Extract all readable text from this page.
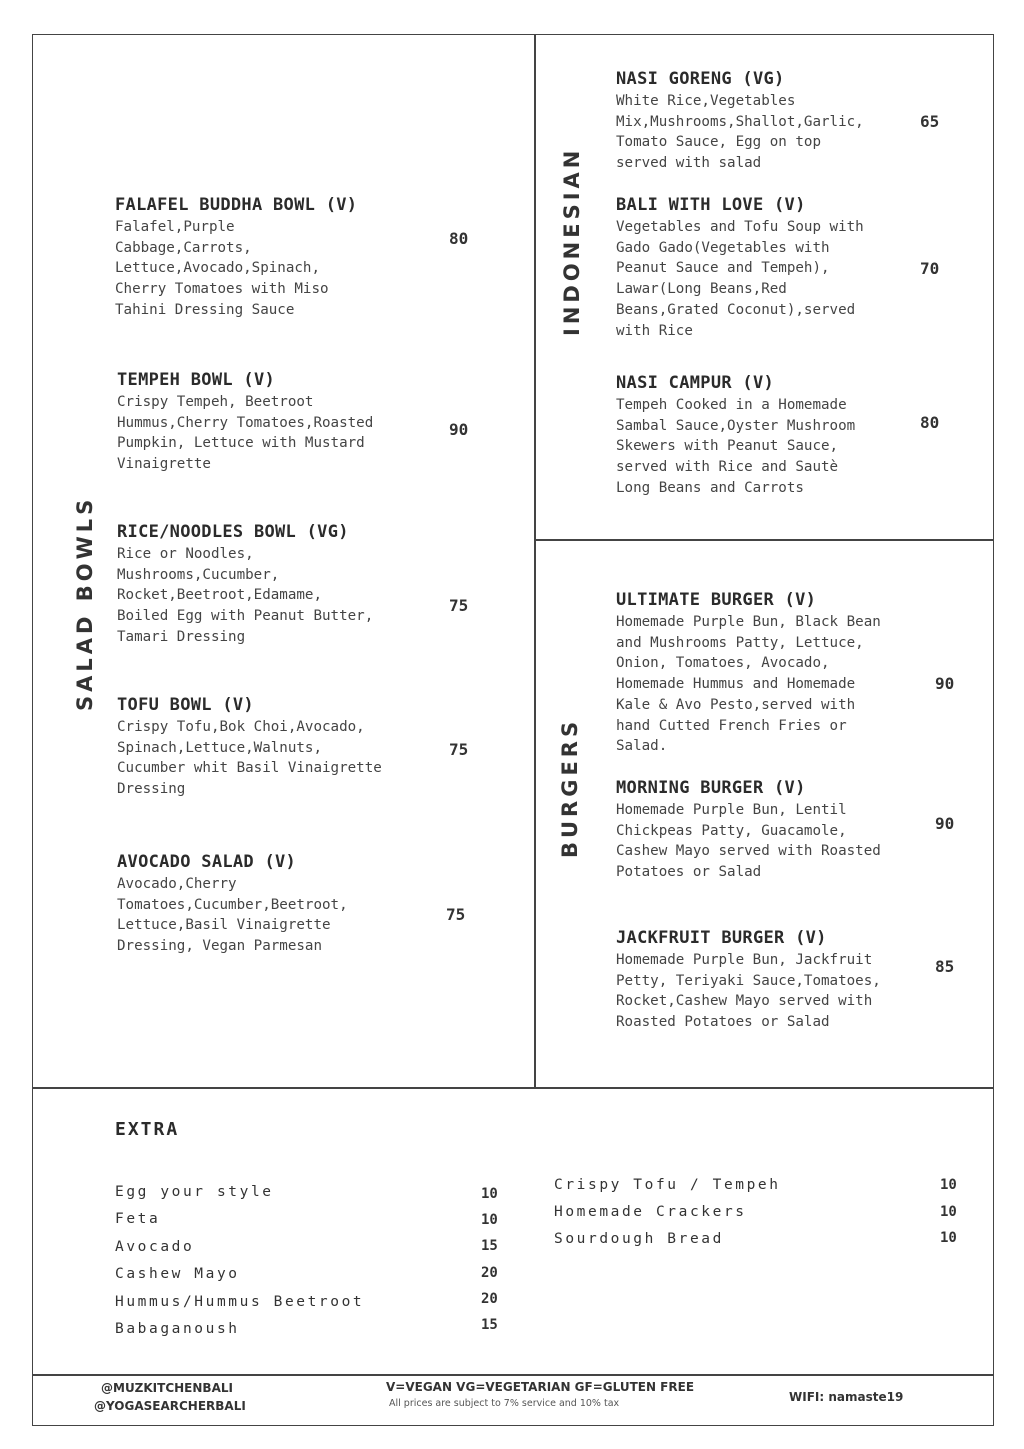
SALAD BOWLS
INDONESIAN
BURGERS
FALAFEL BUDDHA BOWL (V)
Falafel,Purple
Cabbage,Carrots,
Lettuce,Avocado,Spinach,
Cherry Tomatoes with Miso
Tahini Dressing Sauce
80
TEMPEH BOWL (V)
Crispy Tempeh, Beetroot
Hummus,Cherry Tomatoes,Roasted
Pumpkin, Lettuce with Mustard
Vinaigrette
90
RICE/NOODLES BOWL (VG)
Rice or Noodles,
Mushrooms,Cucumber,
Rocket,Beetroot,Edamame,
Boiled Egg with Peanut Butter,
Tamari Dressing
75
TOFU BOWL (V)
Crispy Tofu,Bok Choi,Avocado,
Spinach,Lettuce,Walnuts,
Cucumber whit Basil Vinaigrette
Dressing
75
AVOCADO SALAD (V)
Avocado,Cherry
Tomatoes,Cucumber,Beetroot,
Lettuce,Basil Vinaigrette
Dressing, Vegan Parmesan
75
NASI GORENG (VG)
White Rice,Vegetables
Mix,Mushrooms,Shallot,Garlic,
Tomato Sauce, Egg on top
served with salad
65
BALI WITH LOVE (V)
Vegetables and Tofu Soup with
Gado Gado(Vegetables with
Peanut Sauce and Tempeh),
Lawar(Long Beans,Red
Beans,Grated Coconut),served
with Rice
70
NASI CAMPUR (V)
Tempeh Cooked in a Homemade
Sambal Sauce,Oyster Mushroom
Skewers with Peanut Sauce,
served with Rice and Sautè
Long Beans and Carrots
80
ULTIMATE BURGER (V)
Homemade Purple Bun, Black Bean
and Mushrooms Patty, Lettuce,
Onion, Tomatoes, Avocado,
Homemade Hummus and Homemade
Kale & Avo Pesto,served with
hand Cutted French Fries or
Salad.
90
MORNING BURGER (V)
Homemade Purple Bun, Lentil
Chickpeas Patty, Guacamole,
Cashew Mayo served with Roasted
Potatoes or Salad
90
JACKFRUIT BURGER (V)
Homemade Purple Bun, Jackfruit
Petty, Teriyaki Sauce,Tomatoes,
Rocket,Cashew Mayo served with
Roasted Potatoes or Salad
85
EXTRA
Egg your style	10
Feta	10
Avocado	15
Cashew Mayo	20
Hummus/Hummus Beetroot	20
Babaganoush	15
Crispy Tofu / Tempeh	10
Homemade Crackers	10
Sourdough Bread	10
@MUZKITCHENBALI
@YOGASEARCHERBALI
V=VEGAN VG=VEGETARIAN GF=GLUTEN FREE
All prices are subject to 7% service and 10% tax	WIFI: namaste19
